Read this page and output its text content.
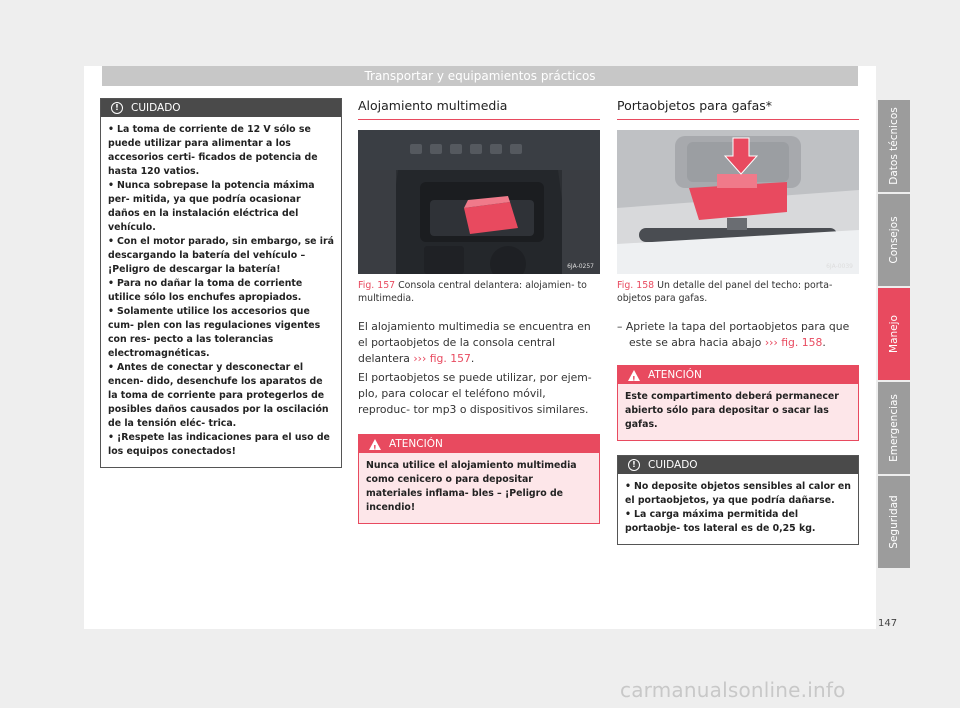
Transportar y equipamientos prácticos
!	CUIDADO
• La toma de corriente de 12 V sólo se puede utilizar para alimentar a los accesorios certi- ficados de potencia de hasta 120 vatios.
• Nunca sobrepase la potencia máxima per- mitida, ya que podría ocasionar daños en la instalación eléctrica del vehículo.
• Con el motor parado, sin embargo, se irá descargando la batería del vehículo – ¡Peligro de descargar la batería!
• Para no dañar la toma de corriente utilice sólo los enchufes apropiados.
• Solamente utilice los accesorios que cum- plen con las regulaciones vigentes con res- pecto a las tolerancias electromagnéticas.
• Antes de conectar y desconectar el encen- dido, desenchufe los aparatos de la toma de corriente para protegerlos de posibles daños causados por la oscilación de la tensión eléc- trica.
• ¡Respete las indicaciones para el uso de los equipos conectados!
Alojamiento multimedia
6JA-0257
Fig. 157 Consola central delantera: alojamien- to multimedia.

El alojamiento multimedia se encuentra en el portaobjetos de la consola central delantera ››› fig. 157.

El portaobjetos se puede utilizar, por ejem- plo, para colocar el teléfono móvil, reproduc- tor mp3 o dispositivos similares.

! ATENCIÓN
Nunca utilice el alojamiento multimedia como cenicero o para depositar materiales inflama- bles – ¡Peligro de incendio!
Portaobjetos para gafas*
6JA-0039
Fig. 158 Un detalle del panel del techo: porta- objetos para gafas.

– Apriete la tapa del portaobjetos para que este se abra hacia abajo ››› fig. 158.

! ATENCIÓN
Este compartimento deberá permanecer abierto sólo para depositar o sacar las gafas.
!	CUIDADO
• No deposite objetos sensibles al calor en el portaobjetos, ya que podría dañarse.
• La carga máxima permitida del portaobje- tos lateral es de 0,25 kg.
Datos técnicos
Consejos
Manejo
Emergencias
Seguridad
147
carmanualsonline.info
